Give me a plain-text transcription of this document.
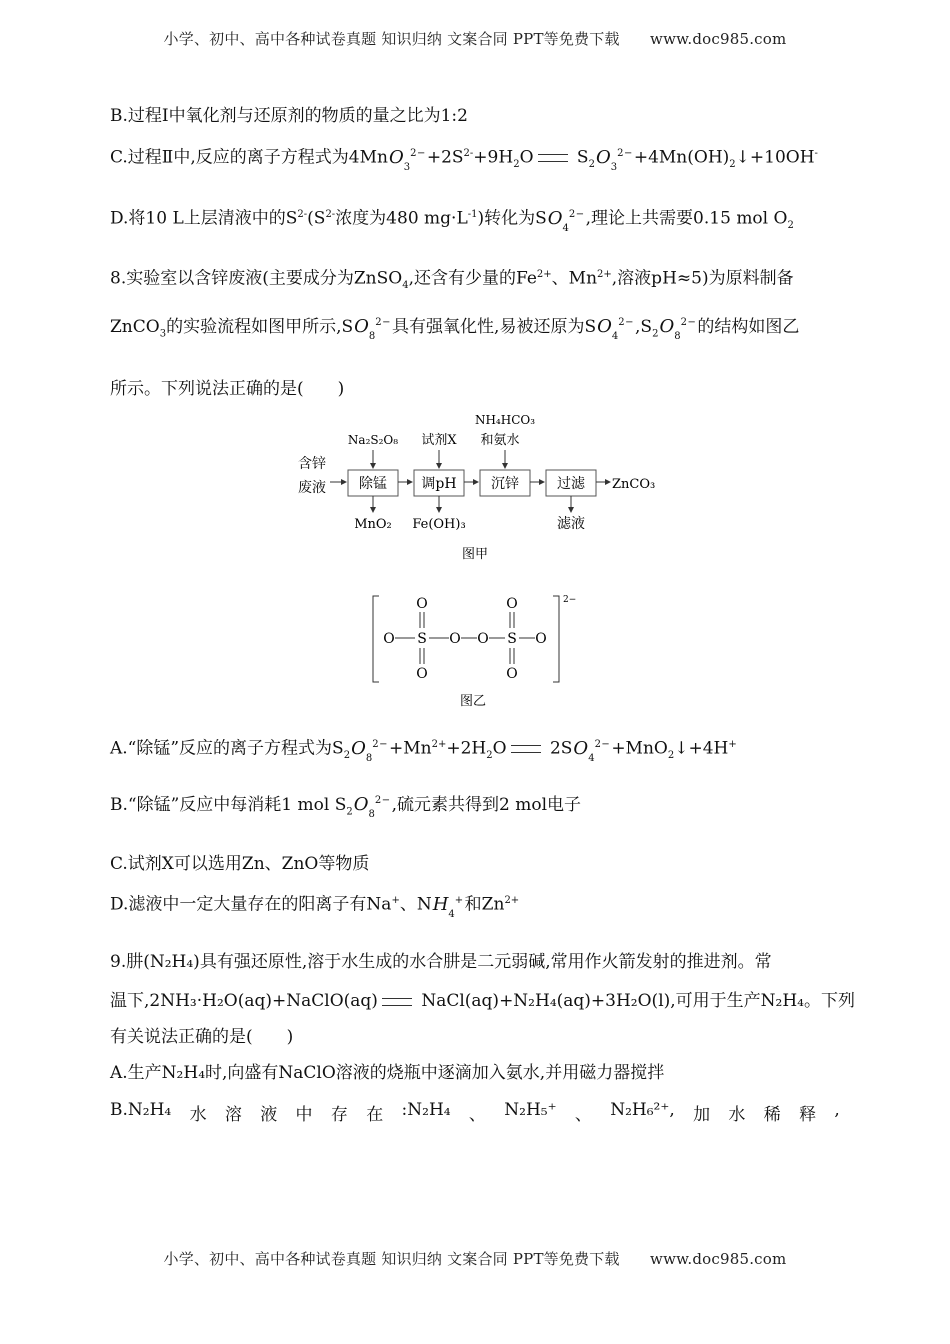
小学、初中、高中各种试卷真题 知识归纳 文案合同 PPT等免费下载　　www.doc985.com
B.过程Ⅰ中氧化剂与还原剂的物质的量之比为1:2
C.过程Ⅱ中,反应的离子方程式为$4MnO_3^{2-}+2S^{2-}+9H_2O$ $S_2O_3^{2-}+4Mn(OH)_2↓+10OH^-$
D.将10 L上层清液中的$S^{2-}(S^{2-}$浓度为480 $mg\cdot L^{-1}$)转化为$SO_4^{2-}$,理论上共需要0.15 mol $O_2$
8.实验室以含锌废液(主要成分为ZnSO$_4$,还含有少量的$Fe^{2+}$、$Mn^{2+}$,溶液pH≈5)为原料制备
ZnCO$_3$的实验流程如图甲所示$,SO_8^{2-}$具有强氧化性,易被还原为$SO_4^{2-},S_2O_8^{2-}$的结构如图乙
所示。下列说法正确的是(　　)
含锌
废液 除锰 调pH 沉锌	过滤 ZnCO₃
Na₂S₂O₈ 试剂X
NH₄HCO₃
和氨水
MnO₂ Fe(OH)₃	滤液
图甲
2−
O S O O S O
O
O
O
O
图乙
A.“除锰”反应的离子方程式为$S_2O_8^{2-}+Mn^{2+}+2H_2O$	$2SO_4^{2-}+MnO_2↓+4H^+$
B.“除锰”反应中每消耗1 mol $S_2O_8^{2-}$,硫元素共得到2 mol电子
C.试剂X可以选用Zn、ZnO等物质
D.滤液中一定大量存在的阳离子有Na+、$NH_4^+$和$Zn^{2+}$
9.肼(N₂H₄)具有强还原性,溶于水生成的水合肼是二元弱碱,常用作火箭发射的推进剂。常
温下,2NH₃·H₂O(aq)+NaClO(aq)	NaCl(aq)+N₂H₄(aq)+3H₂O(l),可用于生产N₂H₄。下列
有关说法正确的是(　　)
A.生产N₂H₄时,向盛有NaClO溶液的烧瓶中逐滴加入氨水,并用磁力器搅拌
B.N₂H₄ 水 溶 液 中 存 在 :N₂H₄ 、 N₂H₅⁺ 、 N₂H₆²⁺, 加 水 稀 释 ,
小学、初中、高中各种试卷真题 知识归纳 文案合同 PPT等免费下载　　www.doc985.com
